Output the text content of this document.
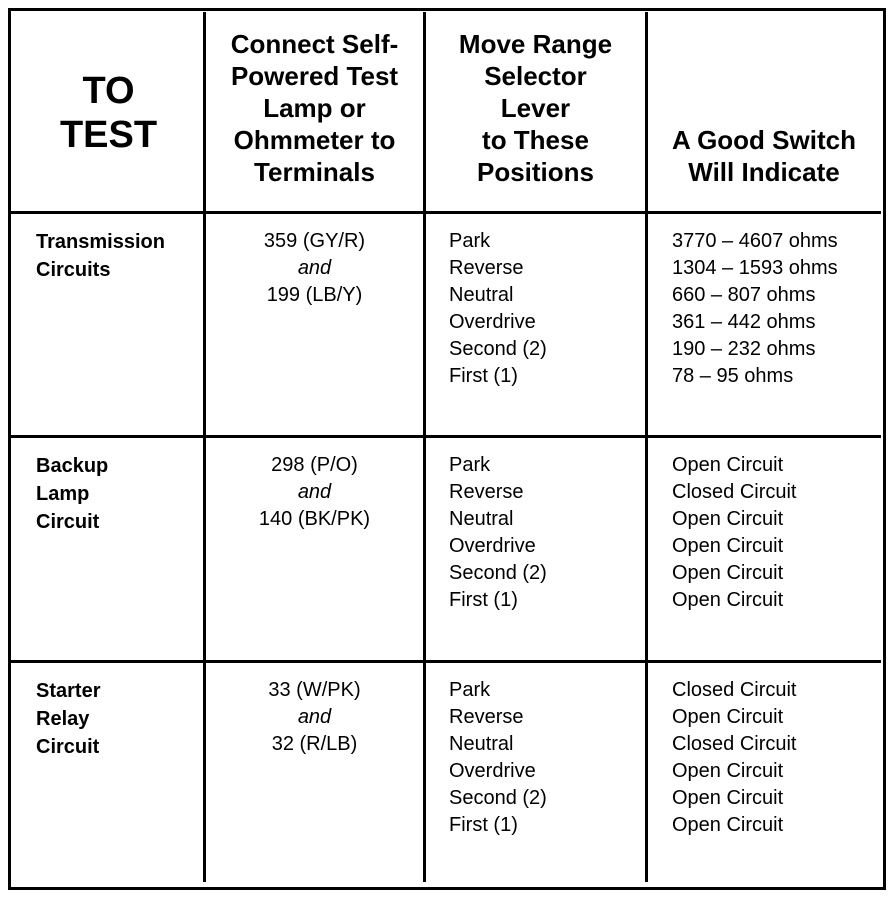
TO
TEST
Connect Self-
Powered Test
Lamp or
Ohmmeter to
Terminals
Move Range
Selector
Lever
to These
Positions
A Good Switch
Will Indicate
Transmission
Circuits
359 (GY/R)
and
199 (LB/Y)
Park
Reverse
Neutral
Overdrive
Second (2)
First (1)
3770 – 4607 ohms
1304 – 1593 ohms
660 – 807 ohms
361 – 442 ohms
190 – 232 ohms
78 – 95 ohms
Backup
Lamp
Circuit
298 (P/O)
and
140 (BK/PK)
Park
Reverse
Neutral
Overdrive
Second (2)
First (1)
Open Circuit
Closed Circuit
Open Circuit
Open Circuit
Open Circuit
Open Circuit
Starter
Relay
Circuit
33 (W/PK)
and
32 (R/LB)
Park
Reverse
Neutral
Overdrive
Second (2)
First (1)
Closed Circuit
Open Circuit
Closed Circuit
Open Circuit
Open Circuit
Open Circuit
